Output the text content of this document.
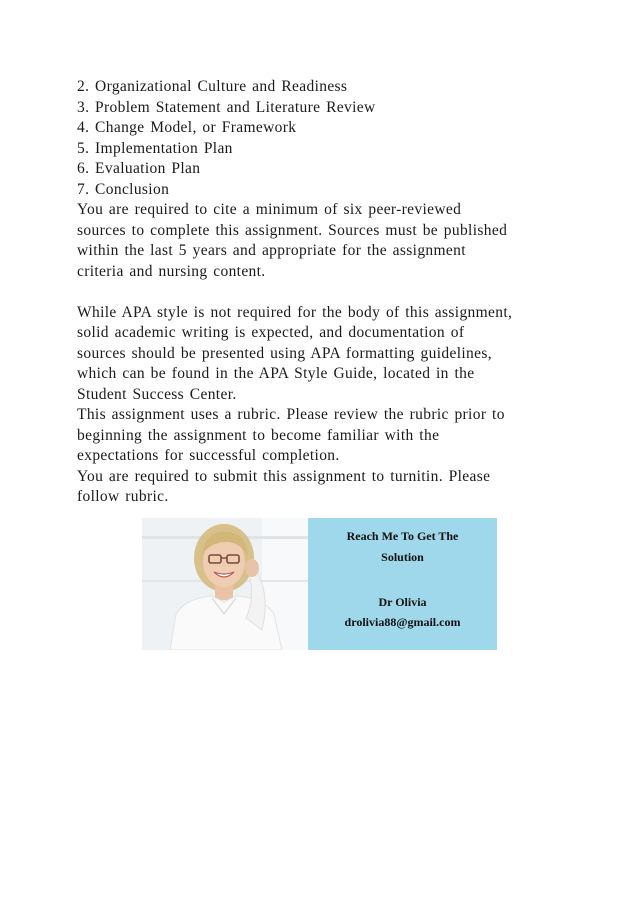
2. Organizational Culture and Readiness
3. Problem Statement and Literature Review
4. Change Model, or Framework
5. Implementation Plan
6. Evaluation Plan
7. Conclusion
You are required to cite a minimum of six peer-reviewed
sources to complete this assignment. Sources must be published
within the last 5 years and appropriate for the assignment
criteria and nursing content.
While APA style is not required for the body of this assignment,
solid academic writing is expected, and documentation of
sources should be presented using APA formatting guidelines,
which can be found in the APA Style Guide, located in the
Student Success Center.
This assignment uses a rubric. Please review the rubric prior to
beginning the assignment to become familiar with the
expectations for successful completion.
You are required to submit this assignment to turnitin. Please
follow rubric.
Reach Me To Get The
Solution
Dr Olivia
drolivia88@gmail.com
